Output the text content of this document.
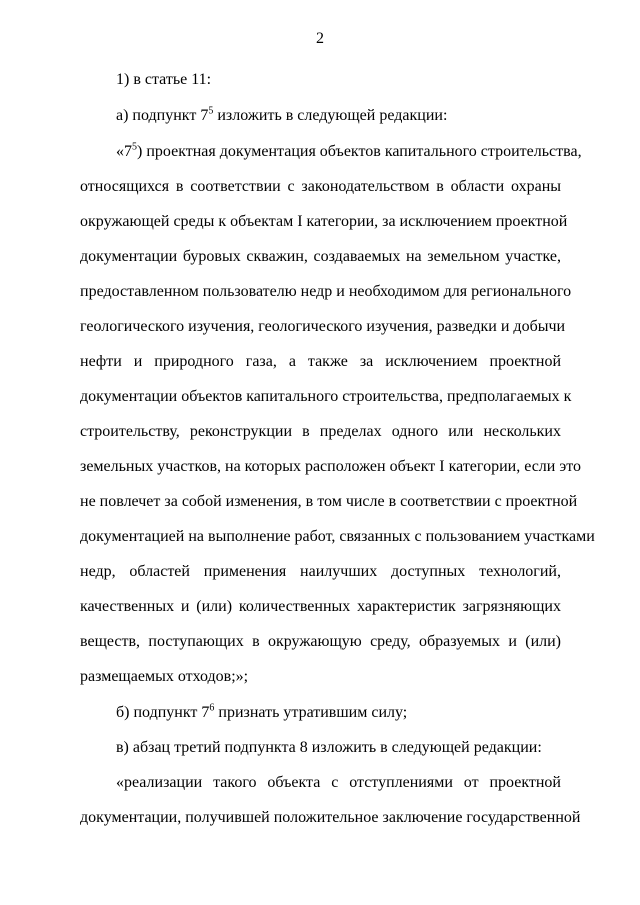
2
1) в статье 11:
а) подпункт $7^5$ изложить в следующей редакции:
«$7^5$) проектная документация объектов капитального строительства,
относящихся в соответствии с законодательством в области охраны
окружающей среды к объектам I категории, за исключением проектной
документации буровых скважин, создаваемых на земельном участке,
предоставленном пользователю недр и необходимом для регионального
геологического изучения, геологического изучения, разведки и добычи
нефти и природного газа, а также за исключением проектной
документации объектов капитального строительства, предполагаемых к
строительству, реконструкции в пределах одного или нескольких
земельных участков, на которых расположен объект I категории, если это
не повлечет за собой изменения, в том числе в соответствии с проектной
документацией на выполнение работ, связанных с пользованием участками
недр, областей применения наилучших доступных технологий,
качественных и (или) количественных характеристик загрязняющих
веществ, поступающих в окружающую среду, образуемых и (или)
размещаемых отходов;»;
б) подпункт $7^6$ признать утратившим силу;
в) абзац третий подпункта 8 изложить в следующей редакции:
«реализации такого объекта с отступлениями от проектной
документации, получившей положительное заключение государственной
